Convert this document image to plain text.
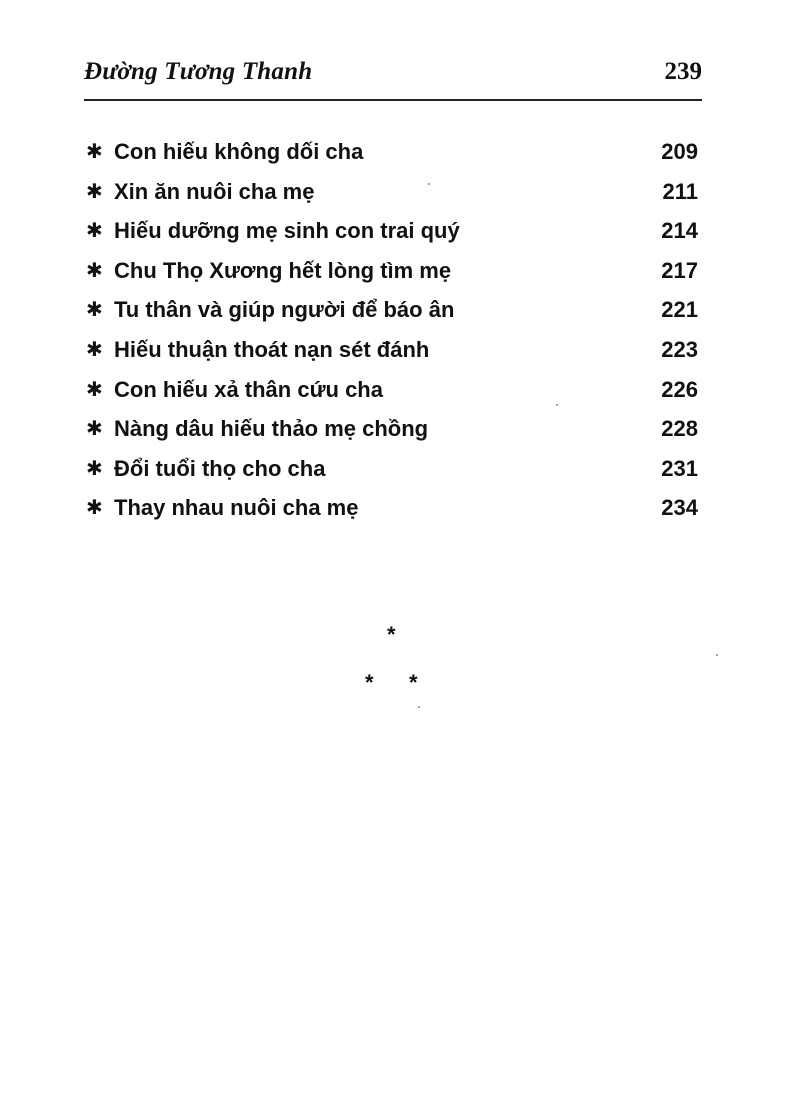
Đường Tương Thanh	239
✱ Con hiếu không dối cha	209
✱ Xin ăn nuôi cha mẹ	211
✱ Hiếu dưỡng mẹ sinh con trai quý	214
✱ Chu Thọ Xương hết lòng tìm mẹ	217
✱ Tu thân và giúp người để báo ân	221
✱ Hiếu thuận thoát nạn sét đánh	223
✱ Con hiếu xả thân cứu cha	226
✱ Nàng dâu hiếu thảo mẹ chồng	228
✱ Đổi tuổi thọ cho cha	231
✱ Thay nhau nuôi cha mẹ	234
*
* *
